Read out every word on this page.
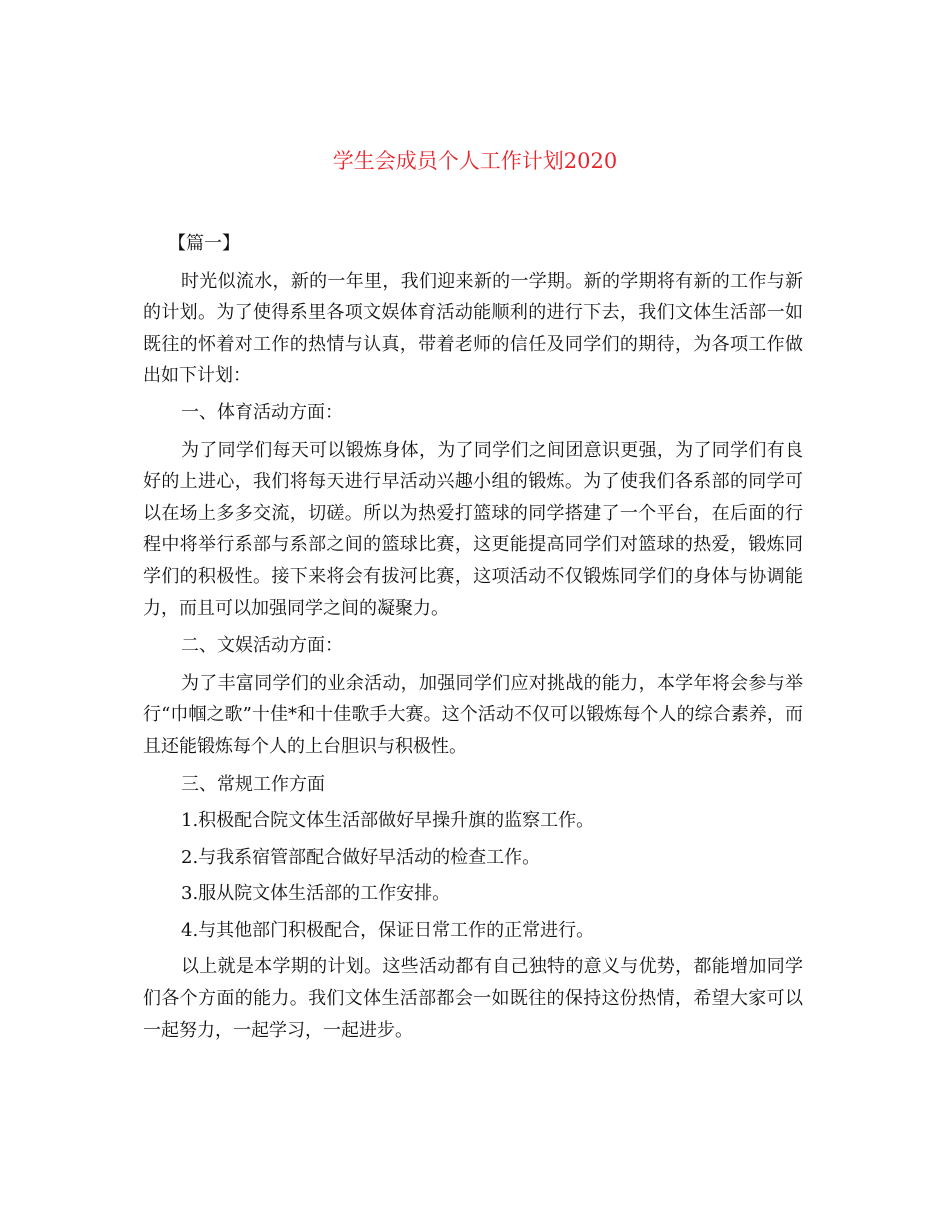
学生会成员个人工作计划2020

【篇一】

时光似流水，新的一年里，我们迎来新的一学期。新的学期将有新的工作与新的计划。为了使得系里各项文娱体育活动能顺利的进行下去，我们文体生活部一如既往的怀着对工作的热情与认真，带着老师的信任及同学们的期待，为各项工作做出如下计划：

一、体育活动方面：

为了同学们每天可以锻炼身体，为了同学们之间团意识更强，为了同学们有良好的上进心，我们将每天进行早活动兴趣小组的锻炼。为了使我们各系部的同学可以在场上多多交流，切磋。所以为热爱打篮球的同学搭建了一个平台，在后面的行程中将举行系部与系部之间的篮球比赛，这更能提高同学们对篮球的热爱，锻炼同学们的积极性。接下来将会有拔河比赛，这项活动不仅锻炼同学们的身体与协调能力，而且可以加强同学之间的凝聚力。

二、文娱活动方面：

为了丰富同学们的业余活动，加强同学们应对挑战的能力，本学年将会参与举行“巾帼之歌”十佳*和十佳歌手大赛。这个活动不仅可以锻炼每个人的综合素养，而且还能锻炼每个人的上台胆识与积极性。

三、常规工作方面

1.积极配合院文体生活部做好早操升旗的监察工作。

2.与我系宿管部配合做好早活动的检查工作。

3.服从院文体生活部的工作安排。

4.与其他部门积极配合，保证日常工作的正常进行。

以上就是本学期的计划。这些活动都有自己独特的意义与优势，都能增加同学们各个方面的能力。我们文体生活部都会一如既往的保持这份热情，希望大家可以一起努力，一起学习，一起进步。
